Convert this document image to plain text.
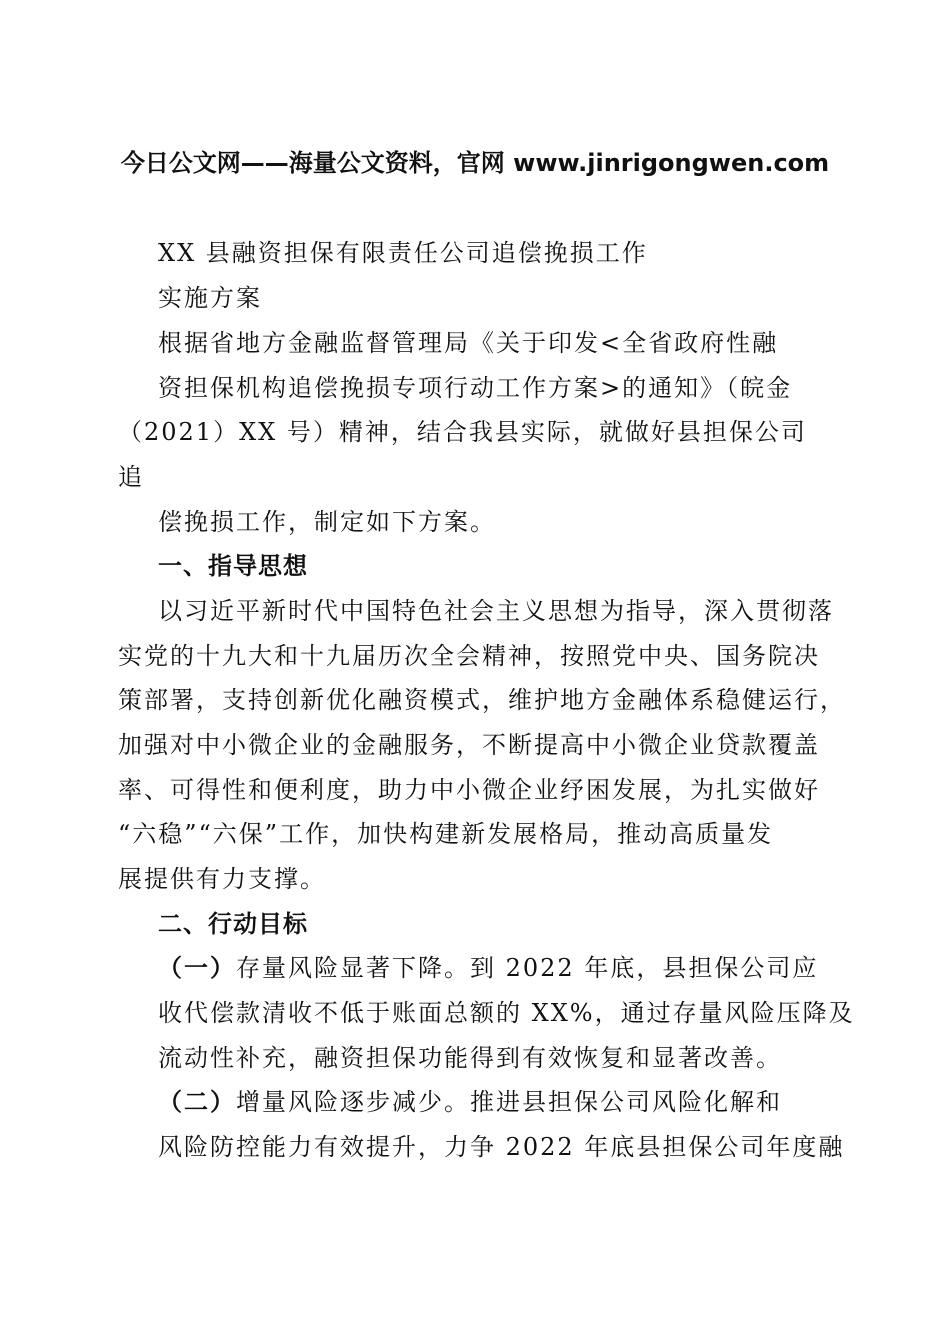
今日公文网——海量公文资料，官网 www.jinrigongwen.com
XX 县融资担保有限责任公司追偿挽损工作
实施方案
根据省地方金融监督管理局《关于印发<全省政府性融
资担保机构追偿挽损专项行动工作方案>的通知》（皖金
（2021）XX 号）精神，结合我县实际，就做好县担保公司
追
偿挽损工作，制定如下方案。
一、指导思想
以习近平新时代中国特色社会主义思想为指导，深入贯彻落
实党的十九大和十九届历次全会精神，按照党中央、国务院决
策部署，支持创新优化融资模式，维护地方金融体系稳健运行，
加强对中小微企业的金融服务，不断提高中小微企业贷款覆盖
率、可得性和便利度，助力中小微企业纾困发展，为扎实做好
“六稳”“六保”工作，加快构建新发展格局，推动高质量发
展提供有力支撑。
二、行动目标
（一）存量风险显著下降。到 2022 年底，县担保公司应
收代偿款清收不低于账面总额的 XX%，通过存量风险压降及
流动性补充，融资担保功能得到有效恢复和显著改善。
（二）增量风险逐步减少。推进县担保公司风险化解和
风险防控能力有效提升，力争 2022 年底县担保公司年度融
